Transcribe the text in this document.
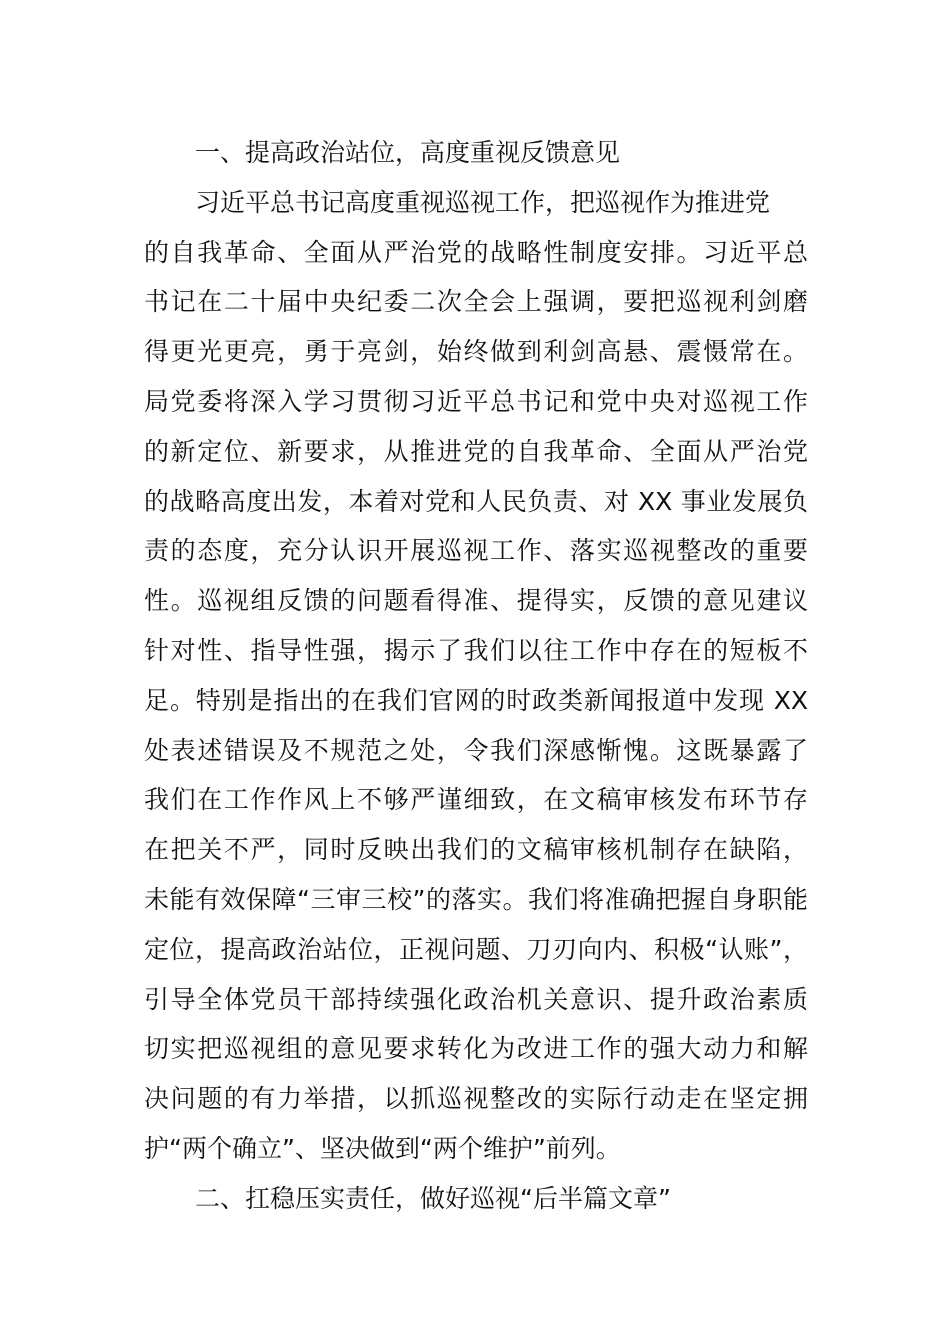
一、提高政治站位，高度重视反馈意见
习近平总书记高度重视巡视工作，把巡视作为推进党
的自我革命、全面从严治党的战略性制度安排。习近平总
书记在二十届中央纪委二次全会上强调，要把巡视利剑磨
得更光更亮，勇于亮剑，始终做到利剑高悬、震慑常在。
局党委将深入学习贯彻习近平总书记和党中央对巡视工作
的新定位、新要求，从推进党的自我革命、全面从严治党
的战略高度出发，本着对党和人民负责、对 XX 事业发展负
责的态度，充分认识开展巡视工作、落实巡视整改的重要
性。巡视组反馈的问题看得准、提得实，反馈的意见建议
针对性、指导性强，揭示了我们以往工作中存在的短板不
足。特别是指出的在我们官网的时政类新闻报道中发现 XX
处表述错误及不规范之处，令我们深感惭愧。这既暴露了
我们在工作作风上不够严谨细致，在文稿审核发布环节存
在把关不严，同时反映出我们的文稿审核机制存在缺陷，
未能有效保障“三审三校”的落实。我们将准确把握自身职能
定位，提高政治站位，正视问题、刀刃向内、积极“认账”，
引导全体党员干部持续强化政治机关意识、提升政治素质
切实把巡视组的意见要求转化为改进工作的强大动力和解
决问题的有力举措，以抓巡视整改的实际行动走在坚定拥
护“两个确立”、坚决做到“两个维护”前列。
二、扛稳压实责任，做好巡视“后半篇文章”
